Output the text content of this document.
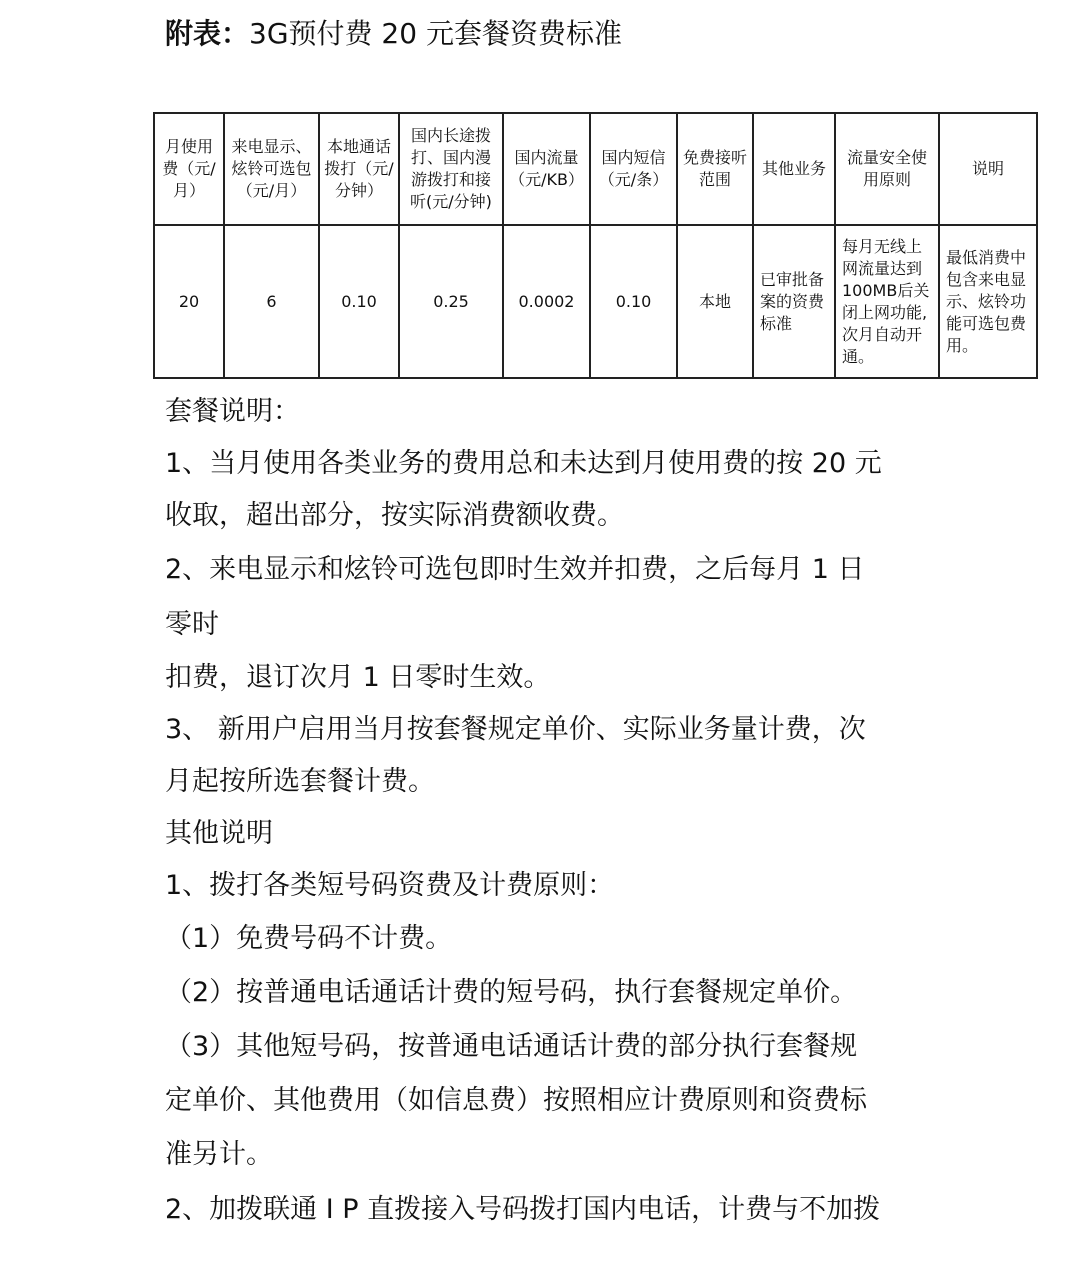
附表：3G预付费 20 元套餐资费标准
月使用费（元/月）	来电显示、炫铃可选包（元/月）	本地通话拨打（元/分钟）	国内长途拨打、国内漫游拨打和接听(元/分钟)	国内流量（元/KB）	国内短信（元/条）	免费接听范围	其他业务	流量安全使用原则	说明
20	6	0.10	0.25	0.0002	0.10	本地	已审批备案的资费标准	每月无线上网流量达到100MB后关闭上网功能,次月自动开通。	最低消费中包含来电显示、炫铃功能可选包费用。

套餐说明：

1、当月使用各类业务的费用总和未达到月使用费的按 20 元

收取，超出部分，按实际消费额收费。

2、来电显示和炫铃可选包即时生效并扣费，之后每月 1 日

零时

扣费，退订次月 1 日零时生效。

3、 新用户启用当月按套餐规定单价、实际业务量计费，次

月起按所选套餐计费。

其他说明

1、拨打各类短号码资费及计费原则：

（1）免费号码不计费。

（2）按普通电话通话计费的短号码，执行套餐规定单价。

（3）其他短号码，按普通电话通话计费的部分执行套餐规

定单价、其他费用（如信息费）按照相应计费原则和资费标

准另计。

2、加拨联通 I P 直拨接入号码拨打国内电话，计费与不加拨
